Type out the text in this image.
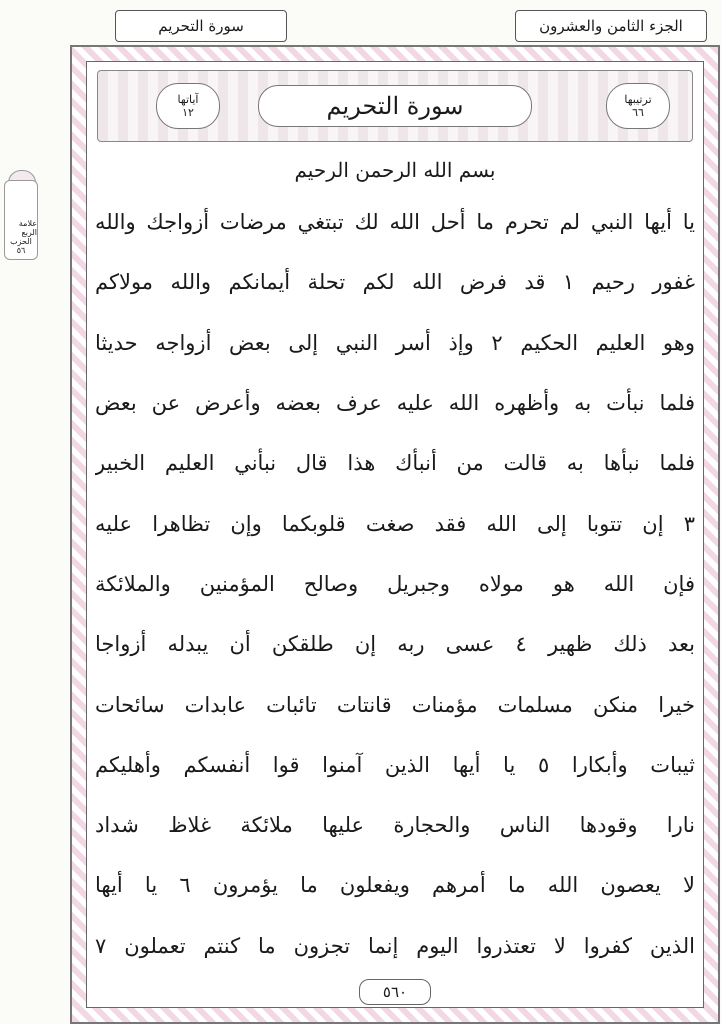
الجزء الثامن والعشرون
سورة التحريم
علامة الربع
الحزب
٥٦
ترتيبها
٦٦
سورة التحريم
آياتها
١٢
بسم الله الرحمن الرحيم
يا أيها النبي لم تحرم ما أحل الله لك تبتغي مرضات أزواجك والله
غفور رحيم ١ قد فرض الله لكم تحلة أيمانكم والله مولاكم
وهو العليم الحكيم ٢ وإذ أسر النبي إلى بعض أزواجه حديثا
فلما نبأت به وأظهره الله عليه عرف بعضه وأعرض عن بعض
فلما نبأها به قالت من أنبأك هذا قال نبأني العليم الخبير
٣ إن تتوبا إلى الله فقد صغت قلوبكما وإن تظاهرا عليه
فإن الله هو مولاه وجبريل وصالح المؤمنين والملائكة
بعد ذلك ظهير ٤ عسى ربه إن طلقكن أن يبدله أزواجا
خيرا منكن مسلمات مؤمنات قانتات تائبات عابدات سائحات
ثيبات وأبكارا ٥ يا أيها الذين آمنوا قوا أنفسكم وأهليكم
نارا وقودها الناس والحجارة عليها ملائكة غلاظ شداد
لا يعصون الله ما أمرهم ويفعلون ما يؤمرون ٦ يا أيها
الذين كفروا لا تعتذروا اليوم إنما تجزون ما كنتم تعملون ٧
٥٦٠
